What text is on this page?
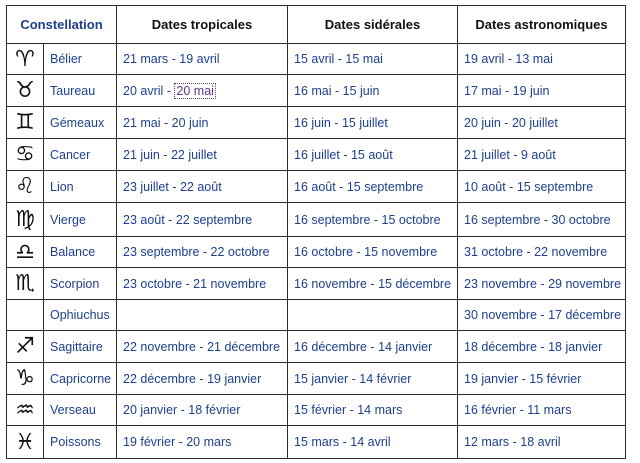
Constellation		Dates tropicales	Dates sidérales	Dates astronomiques
♈︎	Bélier	21 mars - 19 avril	15 avril - 15 mai	19 avril - 13 mai
♉︎	Taureau	20 avril - 20 mai	16 mai - 15 juin	17 mai - 19 juin
♊︎	Gémeaux	21 mai - 20 juin	16 juin - 15 juillet	20 juin - 20 juillet
♋︎	Cancer	21 juin - 22 juillet	16 juillet - 15 août	21 juillet - 9 août
♌︎	Lion	23 juillet - 22 août	16 août - 15 septembre	10 août - 15 septembre
♍︎	Vierge	23 août - 22 septembre	16 septembre - 15 octobre	16 septembre - 30 octobre
♎︎	Balance	23 septembre - 22 octobre	16 octobre - 15 novembre	31 octobre - 22 novembre
♏︎	Scorpion	23 octobre - 21 novembre	16 novembre - 15 décembre	23 novembre - 29 novembre
	Ophiuchus			30 novembre - 17 décembre
♐︎	Sagittaire	22 novembre - 21 décembre	16 décembre - 14 janvier	18 décembre - 18 janvier
♑︎	Capricorne	22 décembre - 19 janvier	15 janvier - 14 février	19 janvier - 15 février
♒︎	Verseau	20 janvier - 18 février	15 février - 14 mars	16 février - 11 mars
♓︎	Poissons	19 février - 20 mars	15 mars - 14 avril	12 mars - 18 avril
